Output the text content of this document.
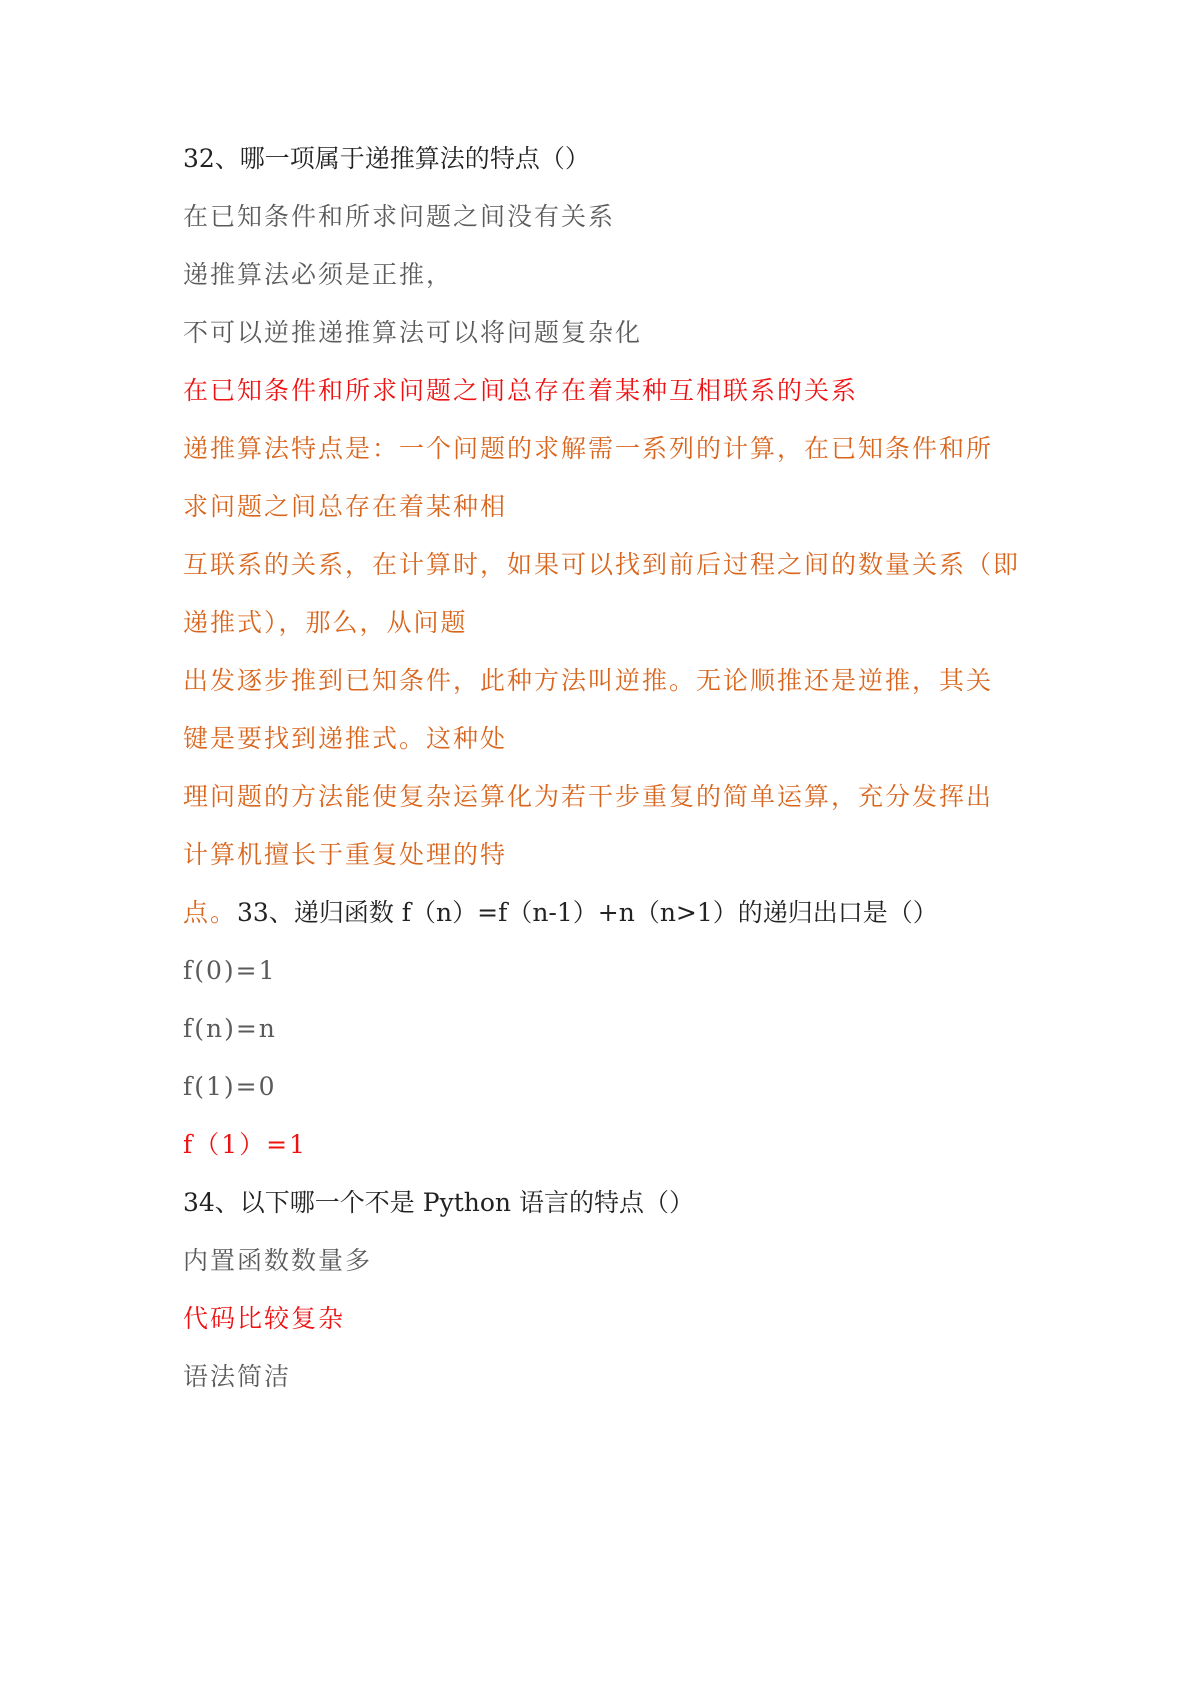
32、哪一项属于递推算法的特点（）

在已知条件和所求问题之间没有关系

递推算法必须是正推，

不可以逆推递推算法可以将问题复杂化

在已知条件和所求问题之间总存在着某种互相联系的关系

递推算法特点是：一个问题的求解需一系列的计算，在已知条件和所

求问题之间总存在着某种相

互联系的关系，在计算时，如果可以找到前后过程之间的数量关系（即

递推式），那么，从问题

出发逐步推到已知条件，此种方法叫逆推。无论顺推还是逆推，其关

键是要找到递推式。这种处

理问题的方法能使复杂运算化为若干步重复的简单运算，充分发挥出

计算机擅长于重复处理的特

点。33、递归函数 f（n）=f（n-1）+n（n>1）的递归出口是（）

f(0)=1

f(n)=n

f(1)=0

f（1）=1

34、以下哪一个不是 Python 语言的特点（）

内置函数数量多

代码比较复杂

语法简洁
